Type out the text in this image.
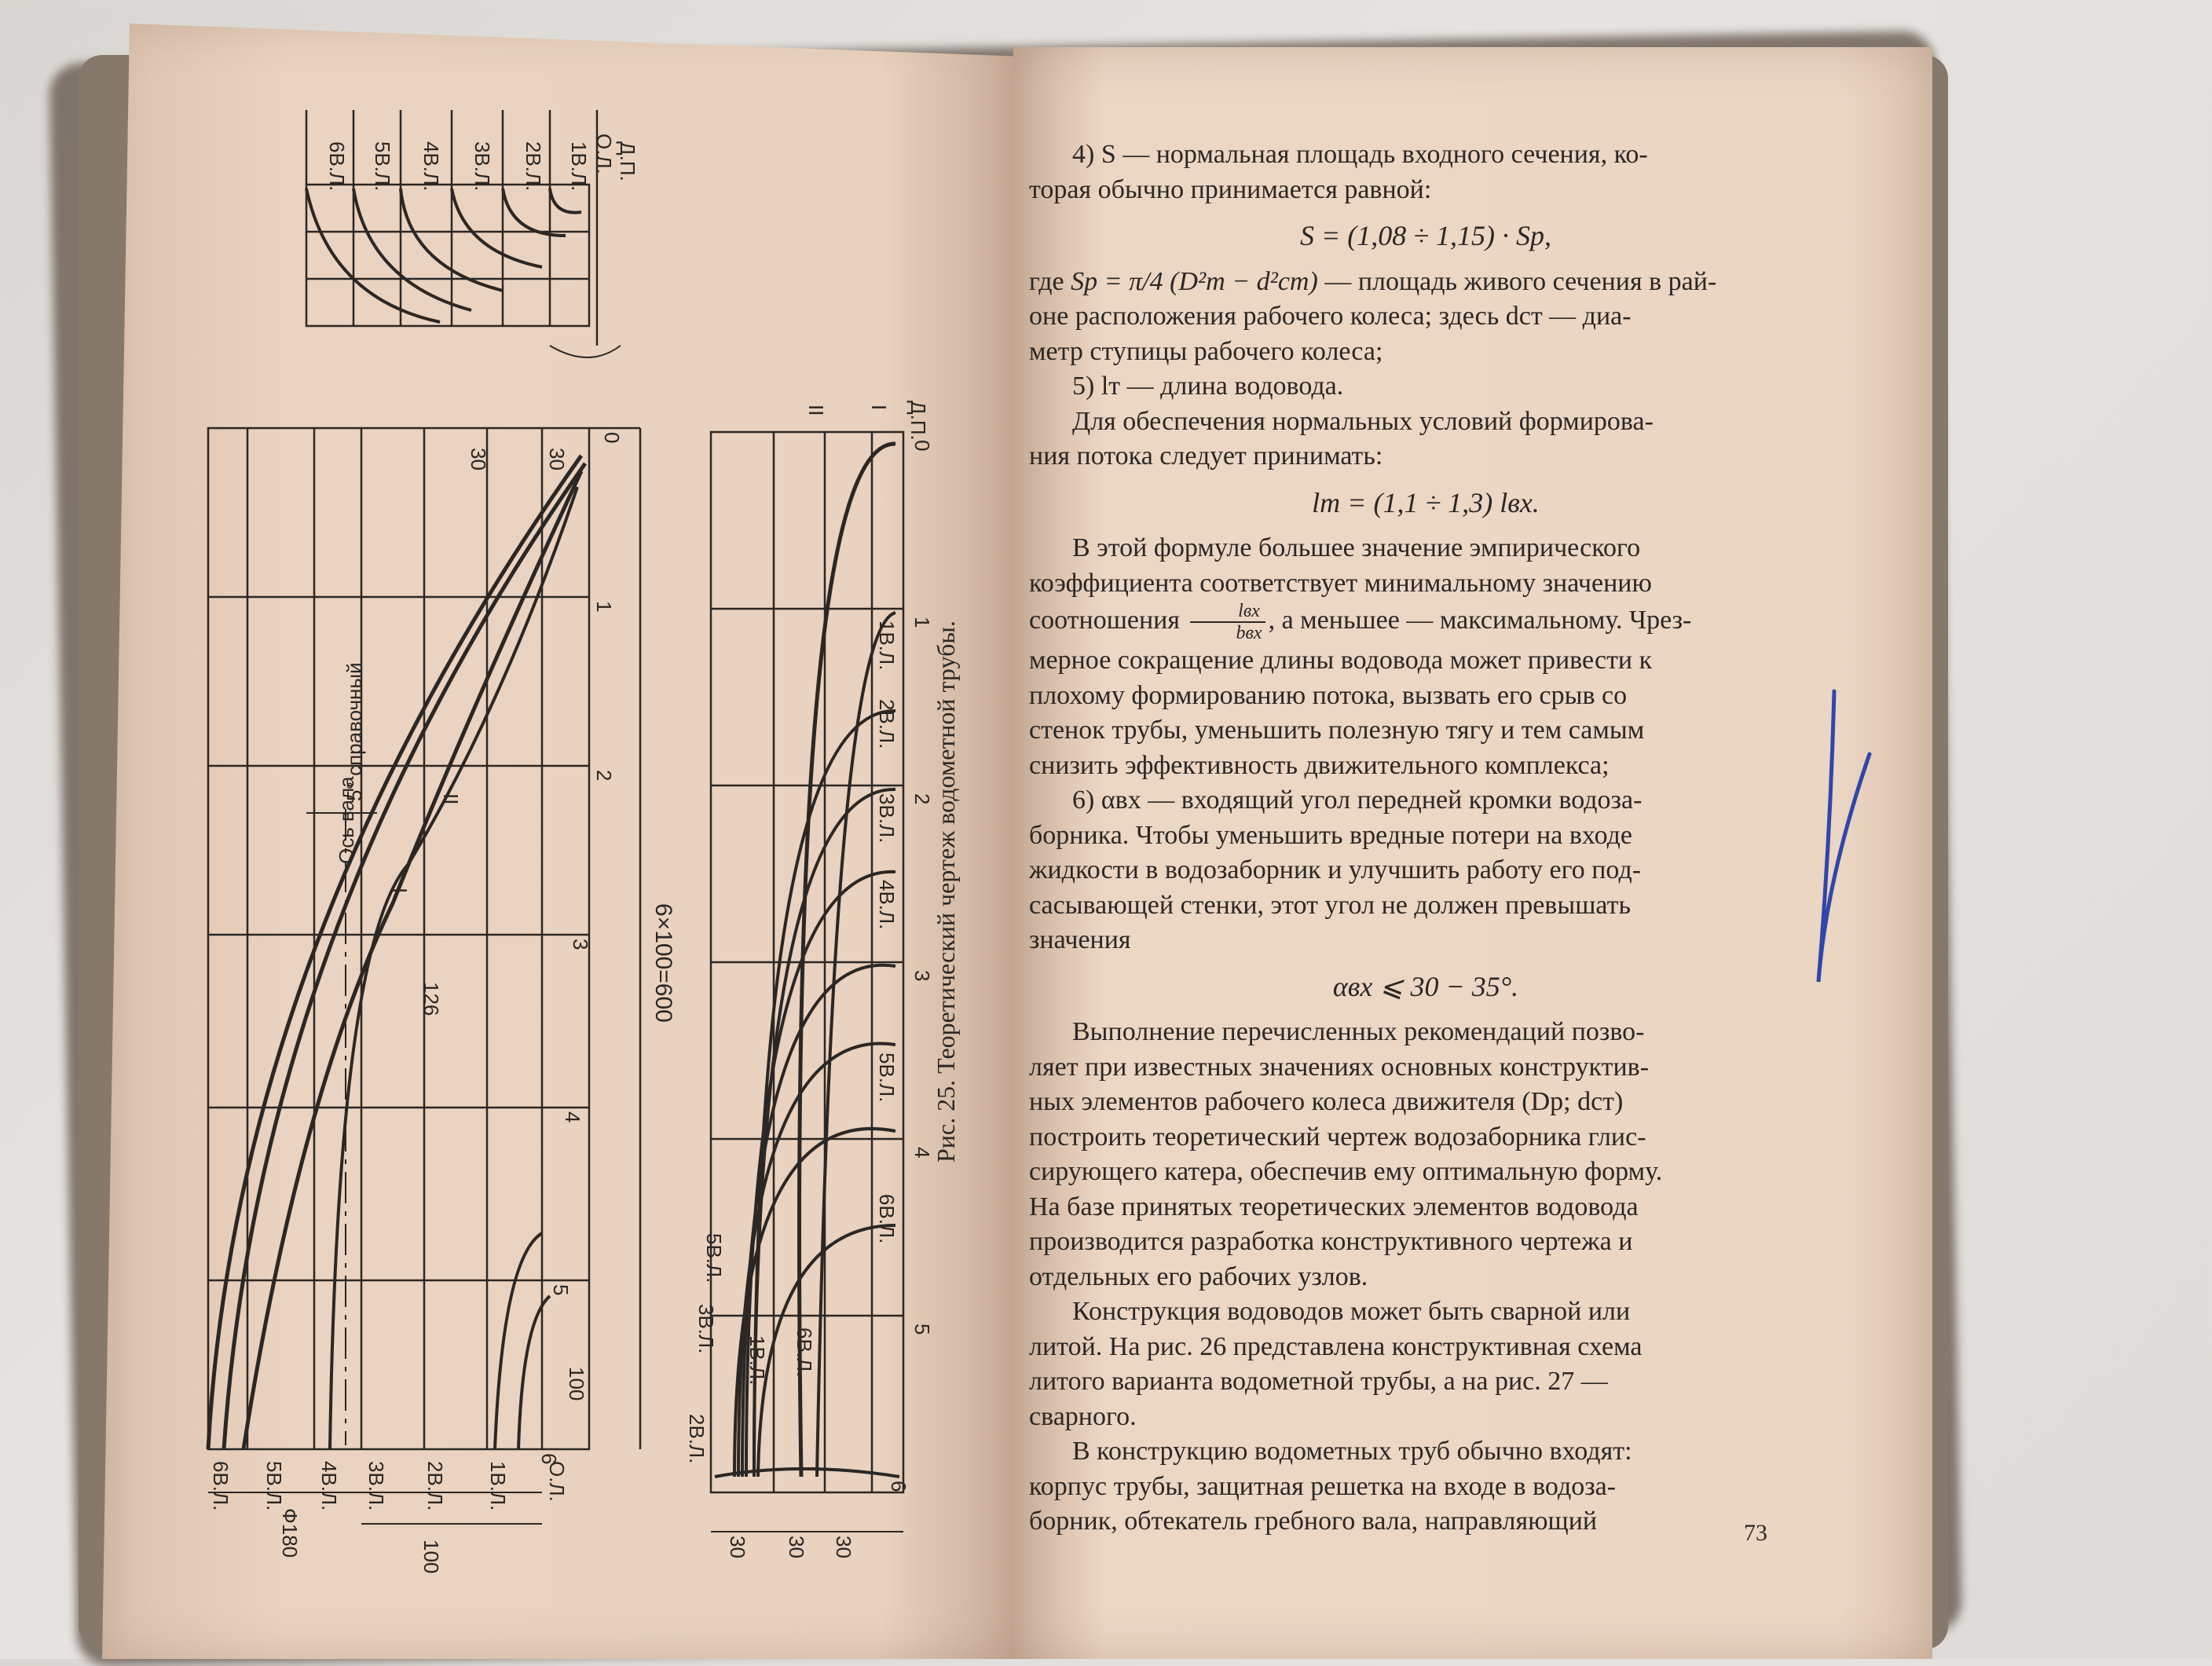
6В.Л. 5В.Л. 4В.Л. 3В.Л. 2В.Л. 1В.Л. Д.П.
О.Л.
0
1
2
3
4
5
6
30	30
6×100=600
126
100
Ф180	100
Ось вала
5° справочный
I
II
6В.Л. 5В.Л. 4В.Л. 3В.Л. 2В.Л. 1В.Л. О.Л.
II I Д.П.
0
1
2
3
4
5
6
1В.Л.
2В.Л.
3В.Л.
4В.Л.
5В.Л.
6В.Л.
5В.Л.
3В.Л.
2В.Л.
1В.Л. 6В.Л.
30 30 30
Рис. 25. Теоретический чертеж водометной трубы.

4) S — нормальная площадь входного сечения, ко-
торая обычно принимается равной:

S = (1,08 ÷ 1,15) · Sр,

где Sр = π/4 (D²т − d²ст) — площадь живого сечения в рай-
оне расположения рабочего колеса; здесь dст — диа-
метр ступицы рабочего колеса;

5) lт — длина водовода.

Для обеспечения нормальных условий формирова-
ния потока следует принимать:

lт = (1,1 ÷ 1,3) lвх.

В этой формуле большее значение эмпирического
коэффициента соответствует минимальному значению
соотношения $\frac{\text{lвх}}{\text{bвх}}$ , а меньшее — максимальному. Чрез-
мерное сокращение длины водовода может привести к
плохому формированию потока, вызвать его срыв со
стенок трубы, уменьшить полезную тягу и тем самым
снизить эффективность движительного комплекса;

6) αвх — входящий угол передней кромки водоза-
борника. Чтобы уменьшить вредные потери на входе
жидкости в водозаборник и улучшить работу его под-
сасывающей стенки, этот угол не должен превышать
значения

αвх ⩽ 30 − 35°.

Выполнение перечисленных рекомендаций позво-
ляет при известных значениях основных конструктив-
ных элементов рабочего колеса движителя (Dр; dст)
построить теоретический чертеж водозаборника глис-
сирующего катера, обеспечив ему оптимальную форму.
На базе принятых теоретических элементов водовода
производится разработка конструктивного чертежа и
отдельных его рабочих узлов.

Конструкция водоводов может быть сварной или
литой. На рис. 26 представлена конструктивная схема
литого варианта водометной трубы, а на рис. 27 —
сварного.

В конструкцию водометных труб обычно входят:
корпус трубы, защитная решетка на входе в водоза-
борник, обтекатель гребного вала, направляющий	73
